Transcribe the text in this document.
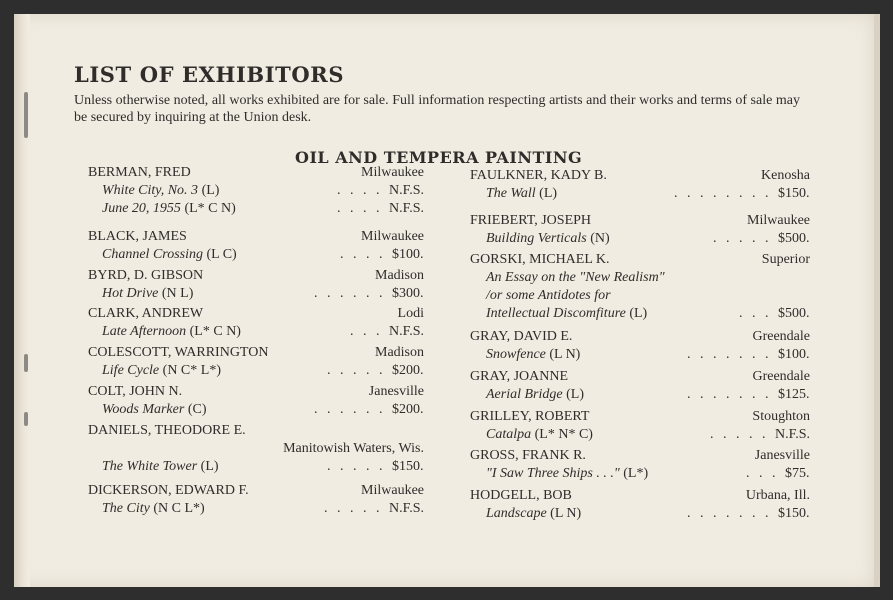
LIST OF EXHIBITORS

Unless otherwise noted, all works exhibited are for sale. Full information respecting artists and their works and terms of sale may be secured by inquiring at the Union desk.

OIL AND TEMPERA PAINTING
BERMAN, FRED	Milwaukee
White City, No. 3 (L)	. . . . N.F.S.
June 20, 1955 (L* C N)	. . . . N.F.S.
BLACK, JAMES	Milwaukee
Channel Crossing (L C)	. . . . $100.
BYRD, D. GIBSON	Madison
Hot Drive (N L)	. . . . . . $300.
CLARK, ANDREW	Lodi
Late Afternoon (L* C N)	. . . N.F.S.
COLESCOTT, WARRINGTON	Madison
Life Cycle (N C* L*)	. . . . . $200.
COLT, JOHN N.	Janesville
Woods Marker (C)	. . . . . . $200.
DANIELS, THEODORE E.
Manitowish Waters, Wis.
The White Tower (L)	. . . . . $150.
DICKERSON, EDWARD F.	Milwaukee
The City (N C L*)	. . . . . N.F.S.
FAULKNER, KADY B.	Kenosha
The Wall (L)	. . . . . . . . $150.
FRIEBERT, JOSEPH	Milwaukee
Building Verticals (N)	. . . . . $500.
GORSKI, MICHAEL K.	Superior
An Essay on the "New Realism"
/or some Antidotes for
Intellectual Discomfiture (L)	. . . $500.
GRAY, DAVID E.	Greendale
Snowfence (L N)	. . . . . . . $100.
GRAY, JOANNE	Greendale
Aerial Bridge (L)	. . . . . . . $125.
GRILLEY, ROBERT	Stoughton
Catalpa (L* N* C)	. . . . . N.F.S.
GROSS, FRANK R.	Janesville
"I Saw Three Ships . . ." (L*)	. . . $75.
HODGELL, BOB	Urbana, Ill.
Landscape (L N)	. . . . . . . $150.
